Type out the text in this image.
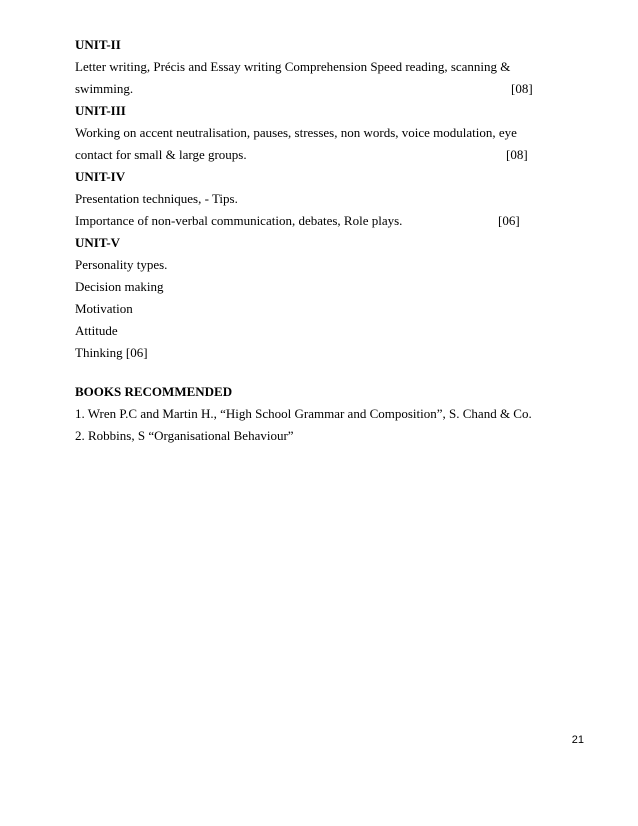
UNIT-II
Letter writing, Précis and Essay writing Comprehension Speed reading, scanning &
swimming.	[08]
UNIT-III
Working on accent neutralisation, pauses, stresses, non words, voice modulation, eye
contact for small & large groups.	[08]
UNIT-IV
Presentation techniques, - Tips.
Importance of non-verbal communication, debates, Role plays.	[06]
UNIT-V
Personality types.
Decision making
Motivation
Attitude
Thinking [06]
BOOKS RECOMMENDED
1. Wren P.C and Martin H., “High School Grammar and Composition”, S. Chand & Co.
2. Robbins, S “Organisational Behaviour”
21
